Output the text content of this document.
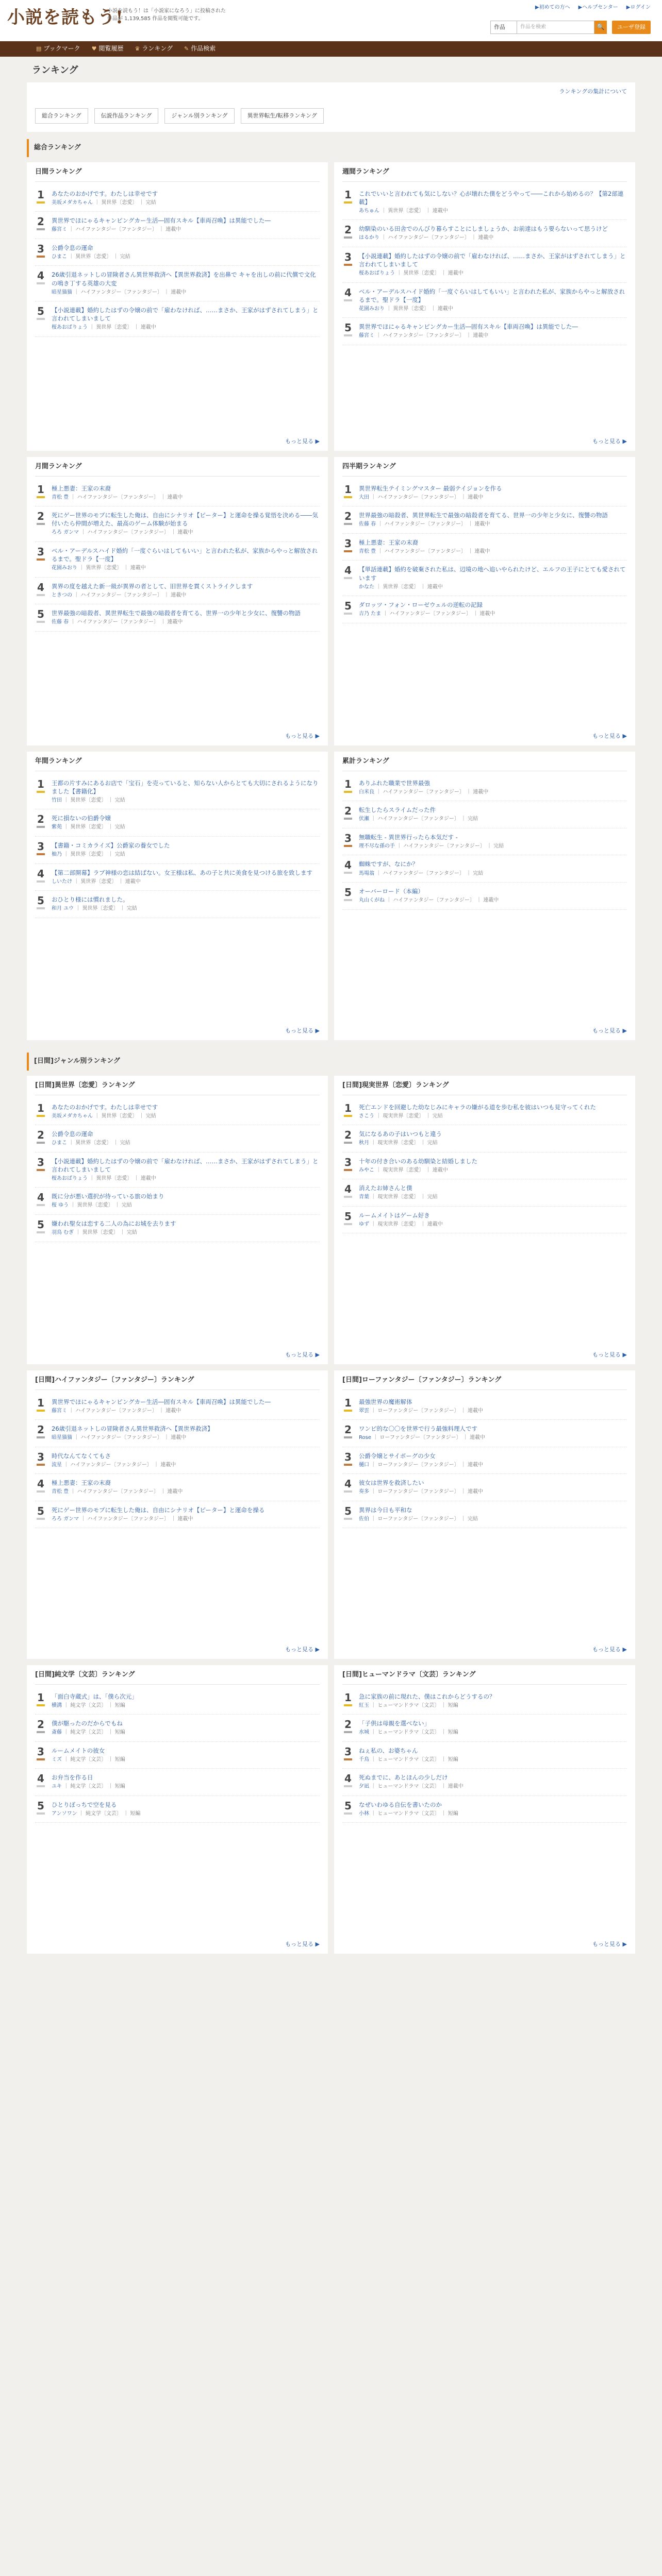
小説を読もう!
小説を読もう！は「小説家になろう」に投稿された
作品が 1,139,585 作品を閲覧可能です。
▶初めての方へ ▶ヘルプセンター ▶ログイン
作品	作品を検索	🔍	ユーザ登録
▤ ブックマーク ♥ 閲覧履歴 ♛ ランキング ✎ 作品検索
ランキング
ランキングの集計について
総合ランキング	伝説作品ランキング	ジャンル別ランキング	異世界転生/転移ランキング
総合ランキング
日間ランキング
1	あなたのおかげです。わたしは幸せです
美坂メダカちゃん ｜ 異世界〔恋愛〕 ｜ 完結
2	異世界でほにゃるキャンピングカー生活―固有スキル【車両召喚】は異能でした―
藤宮ミ ｜ ハイファンタジー〔ファンタジー〕 ｜ 連載中
3	公爵令息の運命
ひまこ ｜ 異世界〔恋愛〕 ｜ 完結
4	26歳引退ネットしの冒険者さん異世界救済へ【異世界救済】を出鼻で キャを出しの前に代償で文化の鳴き丁する英雄の大変
暗星猫猫 ｜ ハイファンタジー〔ファンタジー〕 ｜ 連載中
5	【小説連載】婚約したはずの令嬢の前で「雇わなければ、……まさか、王家がはずされてしまう」と言われてしまいまして
桜あおばりょう ｜ 異世界〔恋愛〕 ｜ 連載中
もっと見る ▶
週間ランキング
1	これでいいと言われても気にしない？心が壊れた僕をどうやって――これから始めるの？【第2部連載】
あちゅん ｜ 異世界〔恋愛〕 ｜ 連載中
2	幼馴染のいる田舎でのんびり暮らすことにしましょうか、お前達はもう要らないって思うけど
はるかり ｜ ハイファンタジー〔ファンタジー〕 ｜ 連載中
3	【小説連載】婚約したはずの令嬢の前で「雇わなければ、……まさか、王家がはずされてしまう」と言われてしまいまして
桜あおばりょう ｜ 異世界〔恋愛〕 ｜ 連載中
4	ベル・アーデルスハイド婚約「一度ぐらいはしてもいい」と言われた私が、家族からやっと解放されるまで。聖ドラ【一度】
花園みおり ｜ 異世界〔恋愛〕 ｜ 連載中
5	異世界でほにゃるキャンピングカー生活―固有スキル【車両召喚】は異能でした―
藤宮ミ ｜ ハイファンタジー〔ファンタジー〕 ｜ 連載中
もっと見る ▶
月間ランキング
1	極上悪妻：王家の末裔
青松 豊 ｜ ハイファンタジー〔ファンタジー〕 ｜ 連載中
2	死にゲー世界のモブに転生した俺は、自由にシナリオ【ピーター】と運命を操る覚悟を決める――気付いたら仲間が増えた、最高のゲーム体験が始まる
ろろ ガンマ ｜ ハイファンタジー〔ファンタジー〕 ｜ 連載中
3	ベル・アーデルスハイド婚約「一度ぐらいはしてもいい」と言われた私が、家族からやっと解放されるまで。聖ドラ【一度】
花園みおり ｜ 異世界〔恋愛〕 ｜ 連載中
4	異界の度を越えた新一級が異界の者として、旧世界を貫くストライクします
ときつの ｜ ハイファンタジー〔ファンタジー〕 ｜ 連載中
5	世界最強の暗殺者、異世界転生で最強の暗殺者を育てる、世界一の少年と少女に、復讐の物語
佐藤 春 ｜ ハイファンタジー〔ファンタジー〕 ｜ 連載中
もっと見る ▶
四半期ランキング
1	異世界転生テイミングマスター 最弱テイジョンを作る
大田 ｜ ハイファンタジー〔ファンタジー〕 ｜ 連載中
2	世界最強の暗殺者、異世界転生で最強の暗殺者を育てる、世界一の少年と少女に、復讐の物語
佐藤 春 ｜ ハイファンタジー〔ファンタジー〕 ｜ 連載中
3	極上悪妻：王家の末裔
青松 豊 ｜ ハイファンタジー〔ファンタジー〕 ｜ 連載中
4	【単話連載】婚約を破棄された私は、辺境の地へ追いやられたけど、エルフの王子にとても愛されています
かなた ｜ 異世界〔恋愛〕 ｜ 連載中
5	ダロッツ・フォン・ローゼウェルの逆転の記録
吉乃 たま ｜ ハイファンタジー〔ファンタジー〕 ｜ 連載中
もっと見る ▶
年間ランキング
1	王都の片すみにあるお店で「宝石」を売っていると、知らない人からとても大切にされるようになりました【書籍化】
竹田 ｜ 異世界〔恋愛〕 ｜ 完結
2	死に損ないの伯爵令嬢
紫苑 ｜ 異世界〔恋愛〕 ｜ 完結
3	【書籍・コミカライズ】公爵家の養女でした
柚乃 ｜ 異世界〔恋愛〕 ｜ 完結
4	【第二部開幕】ラブ神様の恋は結ばない。女王様は私、あの子と共に美食を見つける旅を致します
しいたけ ｜ 異世界〔恋愛〕 ｜ 連載中
5	おひとり様には慣れました。
和月 ユウ ｜ 異世界〔恋愛〕 ｜ 完結
もっと見る ▶
累計ランキング
1	ありふれた職業で世界最強
白米良 ｜ ハイファンタジー〔ファンタジー〕 ｜ 連載中
2	転生したらスライムだった件
伏瀬 ｜ ハイファンタジー〔ファンタジー〕 ｜ 完結
3	無職転生 - 異世界行ったら本気だす -
理不尽な孫の手 ｜ ハイファンタジー〔ファンタジー〕 ｜ 完結
4	蜘蛛ですが、なにか？
馬場翁 ｜ ハイファンタジー〔ファンタジー〕 ｜ 完結
5	オーバーロード（本編）
丸山くがね ｜ ハイファンタジー〔ファンタジー〕 ｜ 連載中
もっと見る ▶
[日間]ジャンル別ランキング
[日間]異世界〔恋愛〕ランキング
1	あなたのおかげです。わたしは幸せです
美坂メダカちゃん ｜ 異世界〔恋愛〕 ｜ 完結
2	公爵令息の運命
ひまこ ｜ 異世界〔恋愛〕 ｜ 完結
3	【小説連載】婚約したはずの令嬢の前で「雇わなければ、……まさか、王家がはずされてしまう」と言われてしまいまして
桜あおばりょう ｜ 異世界〔恋愛〕 ｜ 連載中
4	既に分が悪い選択が待っている旅の始まり
桜 ゆう ｜ 異世界〔恋愛〕 ｜ 完結
5	嫌われ聖女は恋する二人の為にお城を去ります
羽鳥 むぎ ｜ 異世界〔恋愛〕 ｜ 完結
もっと見る ▶
[日間]現実世界〔恋愛〕ランキング
1	死亡エンドを回避した幼なじみにキャラの嫌がる道を歩む私を彼はいつも見守ってくれた
さこう ｜ 現実世界〔恋愛〕 ｜ 完結
2	気になるあの子はいつもと違う
秋月 ｜ 現実世界〔恋愛〕 ｜ 完結
3	十年の付き合いのある幼馴染と結婚しました
みやこ ｜ 現実世界〔恋愛〕 ｜ 連載中
4	消えたお姉さんと僕
青葉 ｜ 現実世界〔恋愛〕 ｜ 完結
5	ルームメイトはゲーム好き
ゆず ｜ 現実世界〔恋愛〕 ｜ 連載中
もっと見る ▶
[日間]ハイファンタジー〔ファンタジー〕ランキング
1	異世界でほにゃるキャンピングカー生活―固有スキル【車両召喚】は異能でした―
藤宮ミ ｜ ハイファンタジー〔ファンタジー〕 ｜ 連載中
2	26歳引退ネットしの冒険者さん異世界救済へ【異世界救済】
暗星猫猫 ｜ ハイファンタジー〔ファンタジー〕 ｜ 連載中
3	時代なんてなくてもさ
流星 ｜ ハイファンタジー〔ファンタジー〕 ｜ 連載中
4	極上悪妻：王家の末裔
青松 豊 ｜ ハイファンタジー〔ファンタジー〕 ｜ 連載中
5	死にゲー世界のモブに転生した俺は、自由にシナリオ【ピーター】と運命を操る
ろろ ガンマ ｜ ハイファンタジー〔ファンタジー〕 ｜ 連載中
もっと見る ▶
[日間]ローファンタジー〔ファンタジー〕ランキング
1	最強世界の魔術解体
翠雲 ｜ ローファンタジー〔ファンタジー〕 ｜ 連載中
2	ワンピ的な〇〇を世界で行う最強料理人です
Rose ｜ ローファンタジー〔ファンタジー〕 ｜ 連載中
3	公爵令嬢とサイボーグの少女
樋口 ｜ ローファンタジー〔ファンタジー〕 ｜ 連載中
4	彼女は世界を救済したい
奏多 ｜ ローファンタジー〔ファンタジー〕 ｜ 連載中
5	異界は今日も平和な
佐伯 ｜ ローファンタジー〔ファンタジー〕 ｜ 完結
もっと見る ▶
[日間]純文学〔文芸〕ランキング
1	「面白寺蔵式」は、「僕ら次元」
横溝 ｜ 純文学〔文芸〕 ｜ 短編
2	僕が駆ったのだからでもね
斎藤 ｜ 純文学〔文芸〕 ｜ 短編
3	ルームメイトの彼女
ミズ ｜ 純文学〔文芸〕 ｜ 短編
4	お弁当を作る日
ユキ ｜ 純文学〔文芸〕 ｜ 短編
5	ひとりぼっちで空を見る
アンソワン ｜ 純文学〔文芸〕 ｜ 短編
もっと見る ▶
[日間]ヒューマンドラマ〔文芸〕ランキング
1	急に家族の前に現れた、僕はこれからどうするの？
紅玉 ｜ ヒューマンドラマ〔文芸〕 ｜ 短編
2	「子供は母親を選べない」
水城 ｜ ヒューマンドラマ〔文芸〕 ｜ 短編
3	ねぇ私の、お婆ちゃん
千鳥 ｜ ヒューマンドラマ〔文芸〕 ｜ 短編
4	死ぬまでに、あとほんの少しだけ
夕凪 ｜ ヒューマンドラマ〔文芸〕 ｜ 連載中
5	なぜいわゆる自伝を書いたのか
小林 ｜ ヒューマンドラマ〔文芸〕 ｜ 短編
もっと見る ▶
